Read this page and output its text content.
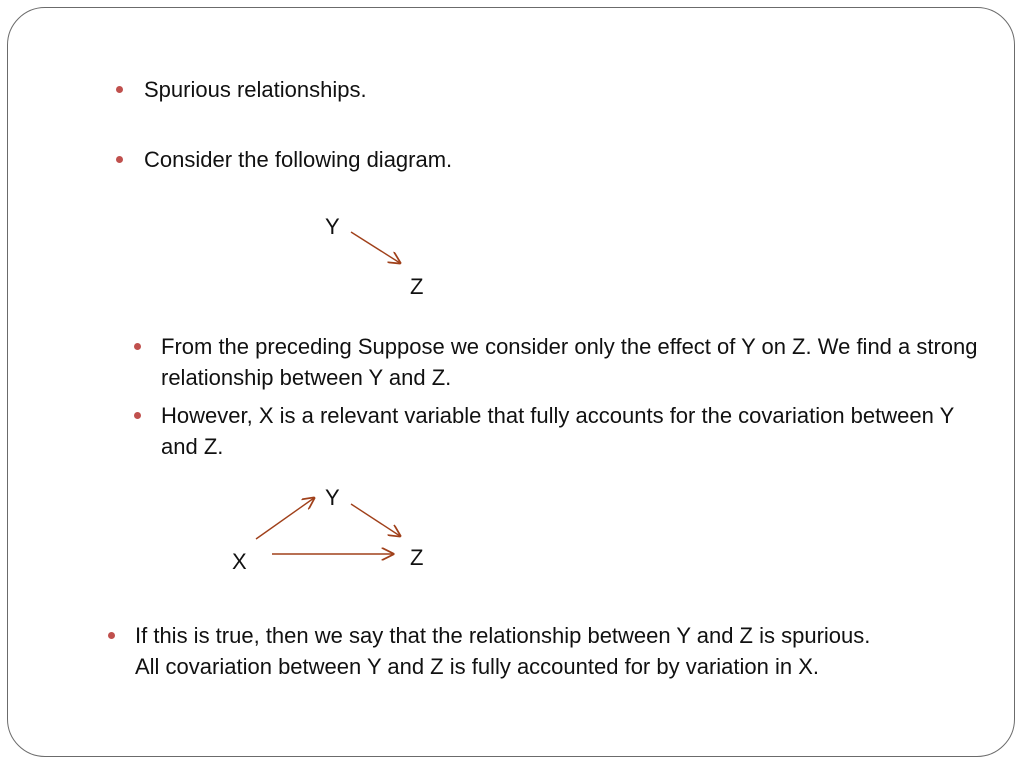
Spurious relationships.
Consider the following diagram.
Y
Z
From the preceding Suppose we consider only the effect of Y on Z. We find a strong relationship between Y and Z.
However, X is a relevant variable that fully accounts for the covariation between Y and Z.
Y
Z
X
If this is true, then we say that the relationship between Y and Z is spurious. All covariation between Y and Z is fully accounted for by variation in X.
